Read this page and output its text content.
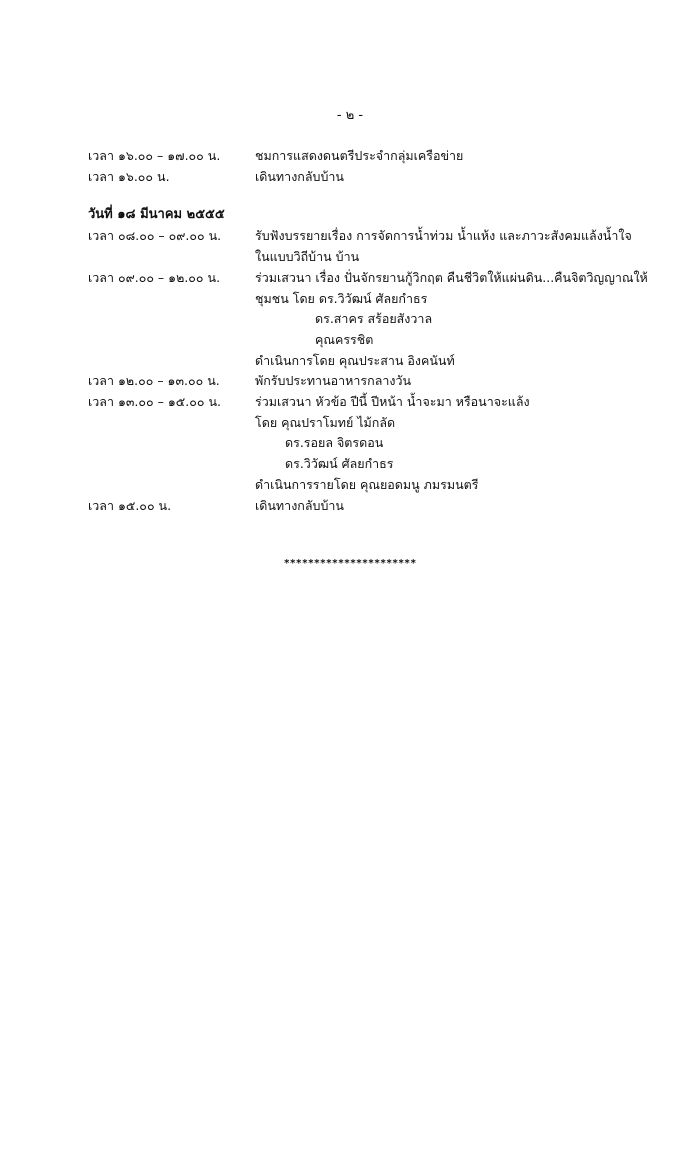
- ๒ -
เวลา ๑๖.๐๐ – ๑๗.๐๐ น.	ชมการแสดงดนตรีประจำกลุ่มเครือข่าย
เวลา ๑๖.๐๐ น.	เดินทางกลับบ้าน
วันที่ ๑๘ มีนาคม ๒๕๕๕
เวลา ๐๘.๐๐ – ๐๙.๐๐ น.	รับฟังบรรยายเรื่อง การจัดการน้ำท่วม น้ำแห้ง และภาวะสังคมแล้งน้ำใจ
ในแบบวิถีบ้าน บ้าน
เวลา ๐๙.๐๐ – ๑๒.๐๐ น.	ร่วมเสวนา เรื่อง ปั่นจักรยานกู้วิกฤต คืนชีวิตให้แผ่นดิน...คืนจิตวิญญาณให้
ชุมชน โดย ดร.วิวัฒน์ ศัลยกำธร
ดร.สาคร สร้อยสังวาล
คุณครรชิต
ดำเนินการโดย คุณประสาน อิงคนันท์
เวลา ๑๒.๐๐ – ๑๓.๐๐ น.	พักรับประทานอาหารกลางวัน
เวลา ๑๓.๐๐ – ๑๕.๐๐ น.	ร่วมเสวนา หัวข้อ ปีนี้ ปีหน้า น้ำจะมา หรือนาจะแล้ง
โดย คุณปราโมทย์ ไม้กลัด
ดร.รอยล จิตรดอน
ดร.วิวัฒน์ ศัลยกำธร
ดำเนินการรายโดย คุณยอดมนู ภมรมนตรี
เวลา ๑๕.๐๐ น.	เดินทางกลับบ้าน
**********************
